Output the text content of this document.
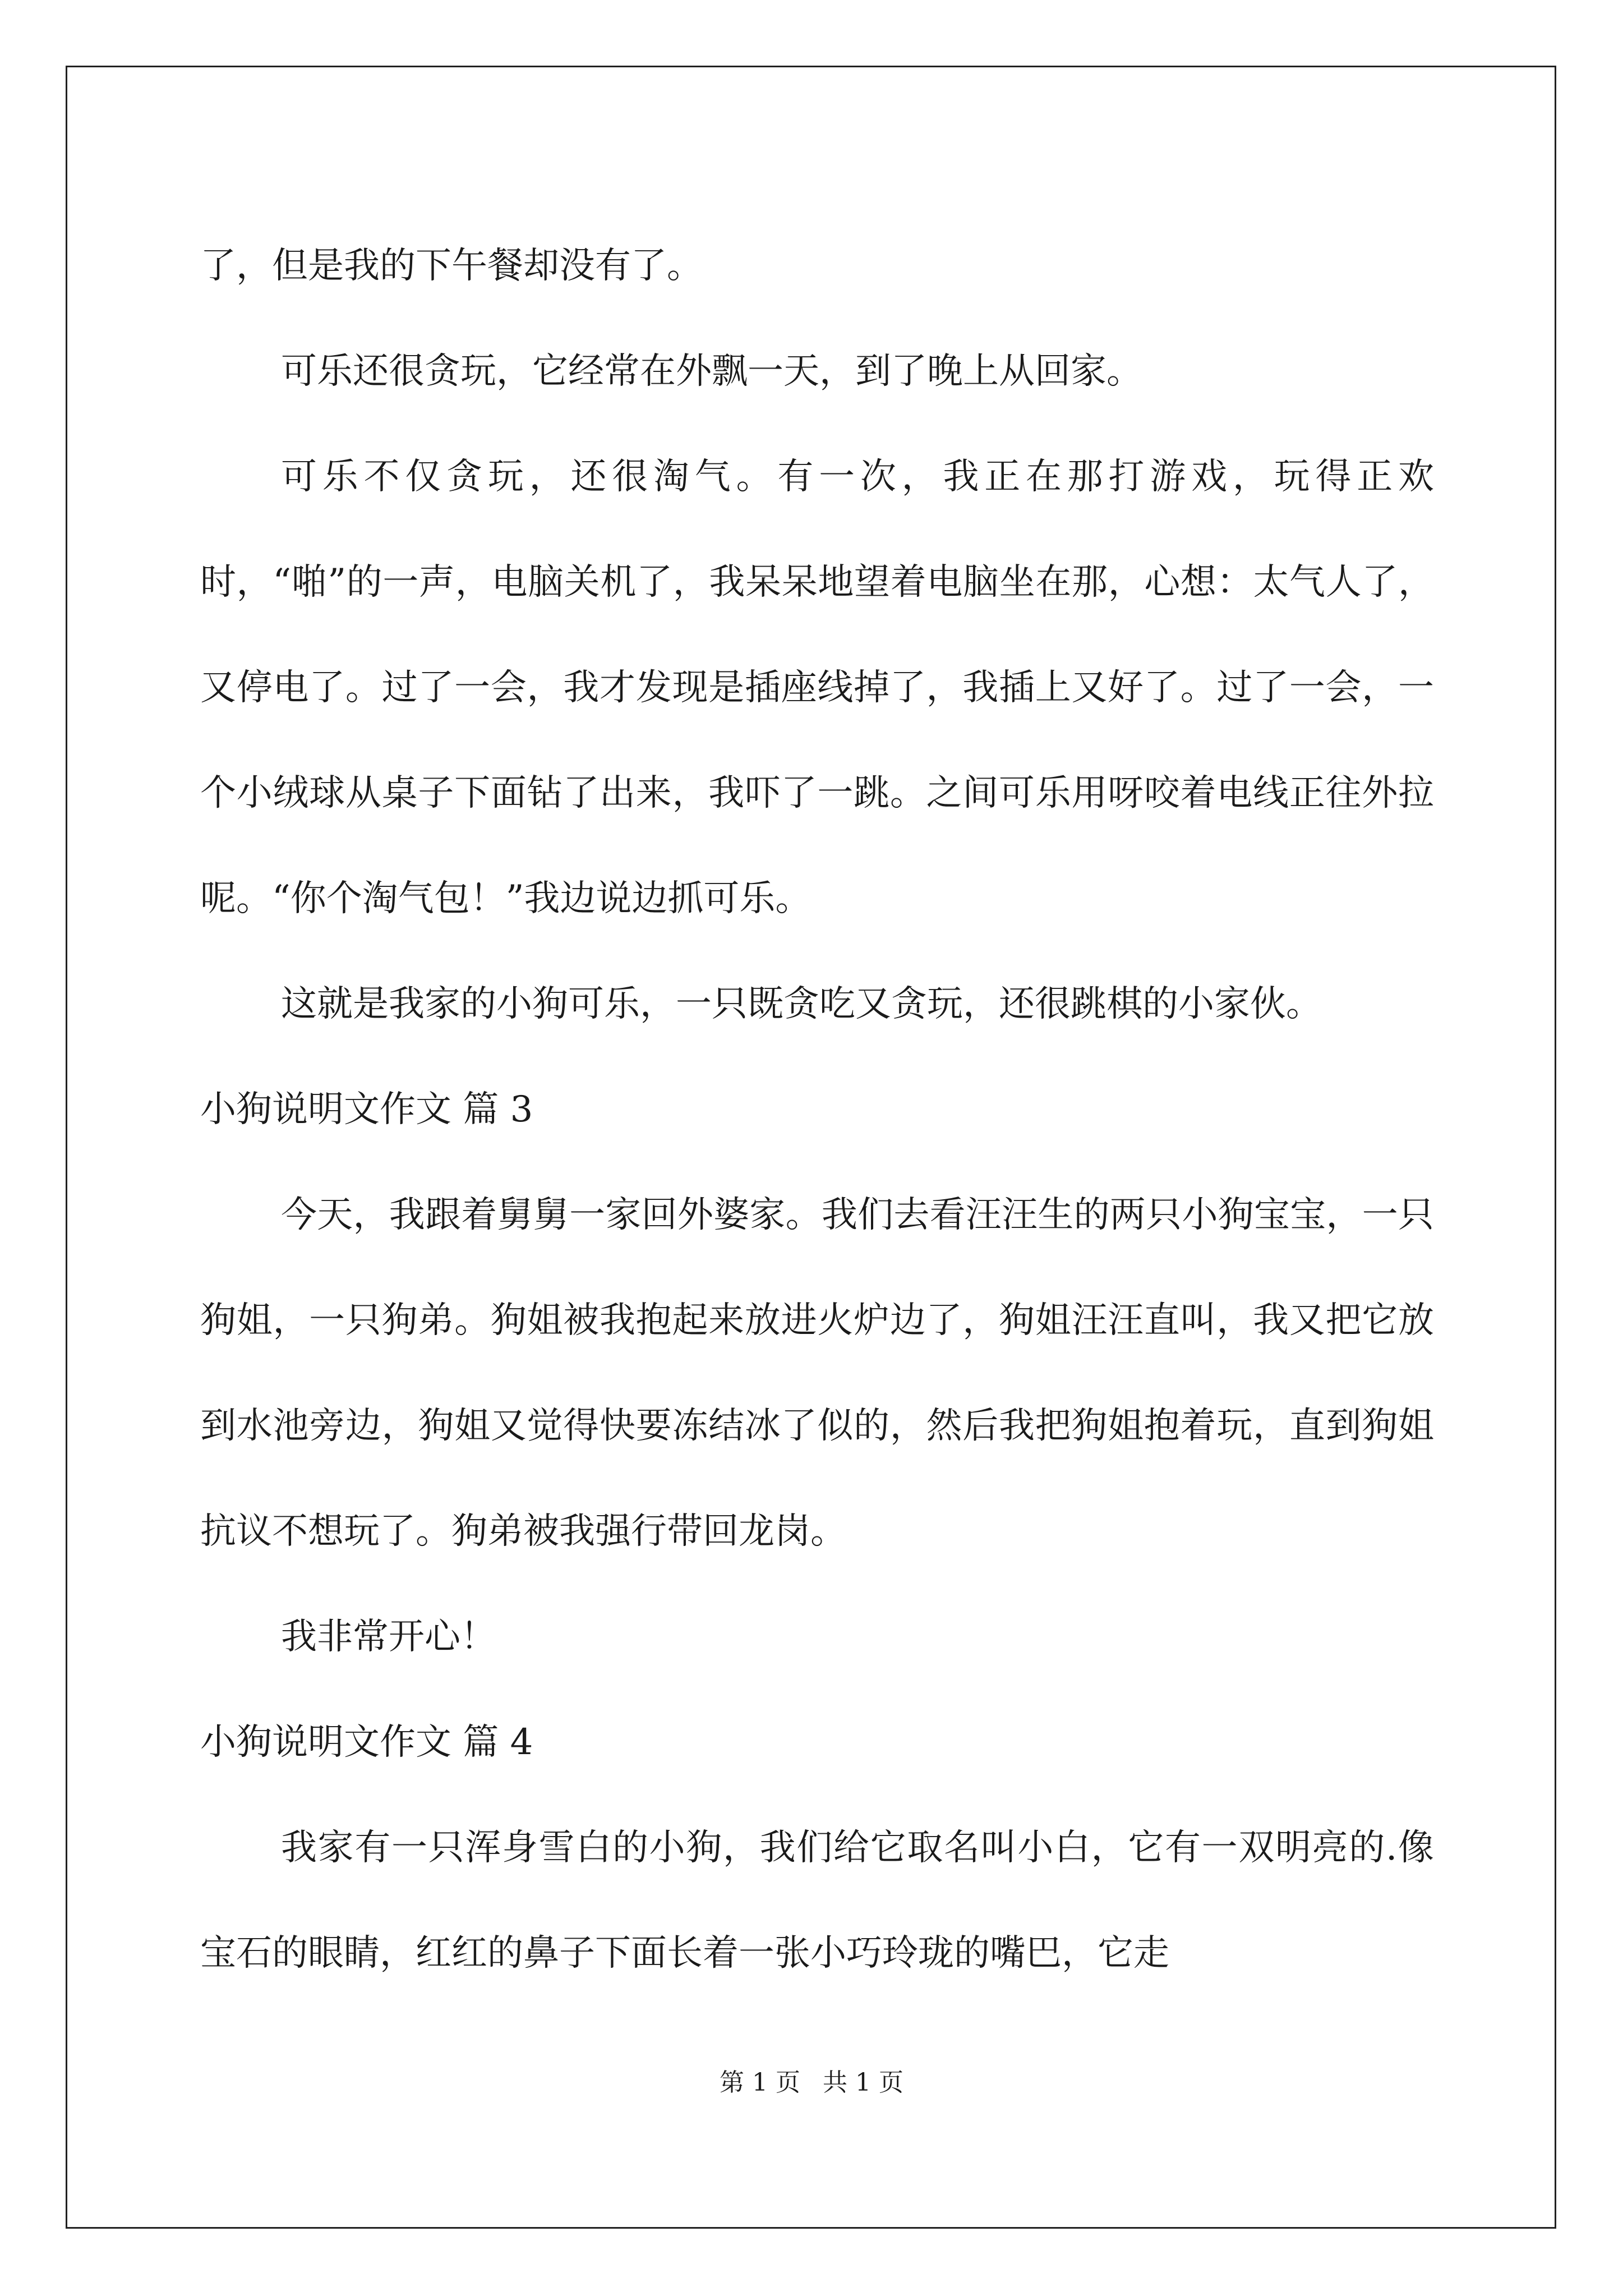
了，但是我的下午餐却没有了。

可乐还很贪玩，它经常在外飘一天，到了晚上从回家。

可乐不仅贪玩，还很淘气。有一次，我正在那打游戏，玩得正欢时，“啪”的一声，电脑关机了，我呆呆地望着电脑坐在那，心想：太气人了，又停电了。过了一会，我才发现是插座线掉了，我插上又好了。过了一会，一个小绒球从桌子下面钻了出来，我吓了一跳。之间可乐用呀咬着电线正往外拉呢。“你个淘气包！”我边说边抓可乐。

这就是我家的小狗可乐，一只既贪吃又贪玩，还很跳棋的小家伙。

小狗说明文作文 篇 3

今天，我跟着舅舅一家回外婆家。我们去看汪汪生的两只小狗宝宝，一只狗姐，一只狗弟。狗姐被我抱起来放进火炉边了，狗姐汪汪直叫，我又把它放到水池旁边，狗姐又觉得快要冻结冰了似的，然后我把狗姐抱着玩，直到狗姐抗议不想玩了。狗弟被我强行带回龙岗。

我非常开心！

小狗说明文作文 篇 4

我家有一只浑身雪白的小狗，我们给它取名叫小白，它有一双明亮的.像宝石的眼睛，红红的鼻子下面长着一张小巧玲珑的嘴巴，它走

第 1 页 共 1 页
